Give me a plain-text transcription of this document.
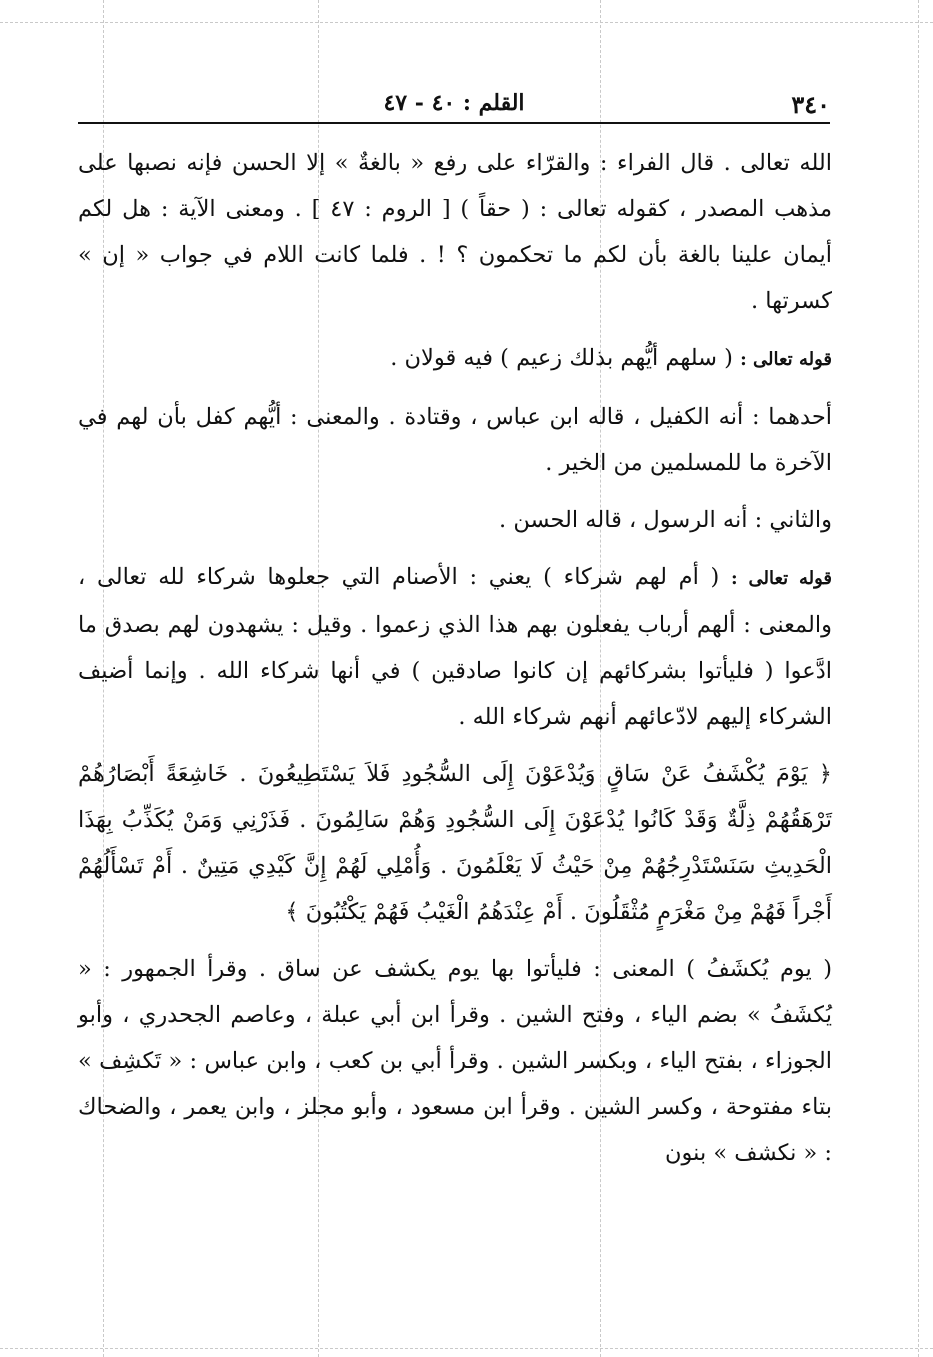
٣٤٠
القلم : ٤٠ - ٤٧

الله تعالى . قال الفراء : والقرّاء على رفع « بالغةٌ » إلا الحسن فإنه نصبها على مذهب المصدر ، كقوله تعالى : ( حقاً ) [ الروم : ٤٧ ] . ومعنى الآية : هل لكم أيمان علينا بالغة بأن لكم ما تحكمون ؟ ! . فلما كانت اللام في جواب « إن » كسرتها .

قوله تعالى : ( سلهم أيُّهم بذلك زعيم ) فيه قولان .

أحدهما : أنه الكفيل ، قاله ابن عباس ، وقتادة . والمعنى : أيُّهم كفل بأن لهم في الآخرة ما للمسلمين من الخير .

والثاني : أنه الرسول ، قاله الحسن .

قوله تعالى : ( أم لهم شركاء ) يعني : الأصنام التي جعلوها شركاء لله تعالى ، والمعنى : ألهم أرباب يفعلون بهم هذا الذي زعموا . وقيل : يشهدون لهم بصدق ما ادَّعوا ( فليأتوا بشركائهم إن كانوا صادقين ) في أنها شركاء الله . وإنما أضيف الشركاء إليهم لادّعائهم أنهم شركاء الله .

﴿ يَوْمَ يُكْشَفُ عَنْ سَاقٍ وَيُدْعَوْنَ إِلَى السُّجُودِ فَلاَ يَسْتَطِيعُونَ . خَاشِعَةً أَبْصَارُهُمْ تَرْهَقُهُمْ ذِلَّةٌ وَقَدْ كَانُوا يُدْعَوْنَ إِلَى السُّجُودِ وَهُمْ سَالِمُونَ . فَذَرْنِي وَمَنْ يُكَذِّبُ بِهَذَا الْحَدِيثِ سَنَسْتَدْرِجُهُمْ مِنْ حَيْثُ لَا يَعْلَمُونَ . وَأُمْلِي لَهُمْ إِنَّ كَيْدِي مَتِينٌ . أَمْ تَسْأَلُهُمْ أَجْراً فَهُمْ مِنْ مَغْرَمٍ مُثْقَلُونَ . أَمْ عِنْدَهُمُ الْغَيْبُ فَهُمْ يَكْتُبُونَ ﴾

( يوم يُكشَفُ ) المعنى : فليأتوا بها يوم يكشف عن ساق . وقرأ الجمهور : « يُكشَفُ » بضم الياء ، وفتح الشين . وقرأ ابن أبي عبلة ، وعاصم الجحدري ، وأبو الجوزاء ، بفتح الياء ، وبكسر الشين . وقرأ أبي بن كعب ، وابن عباس : « تَكشِف » بتاء مفتوحة ، وكسر الشين . وقرأ ابن مسعود ، وأبو مجلز ، وابن يعمر ، والضحاك : « نكشف » بنون
